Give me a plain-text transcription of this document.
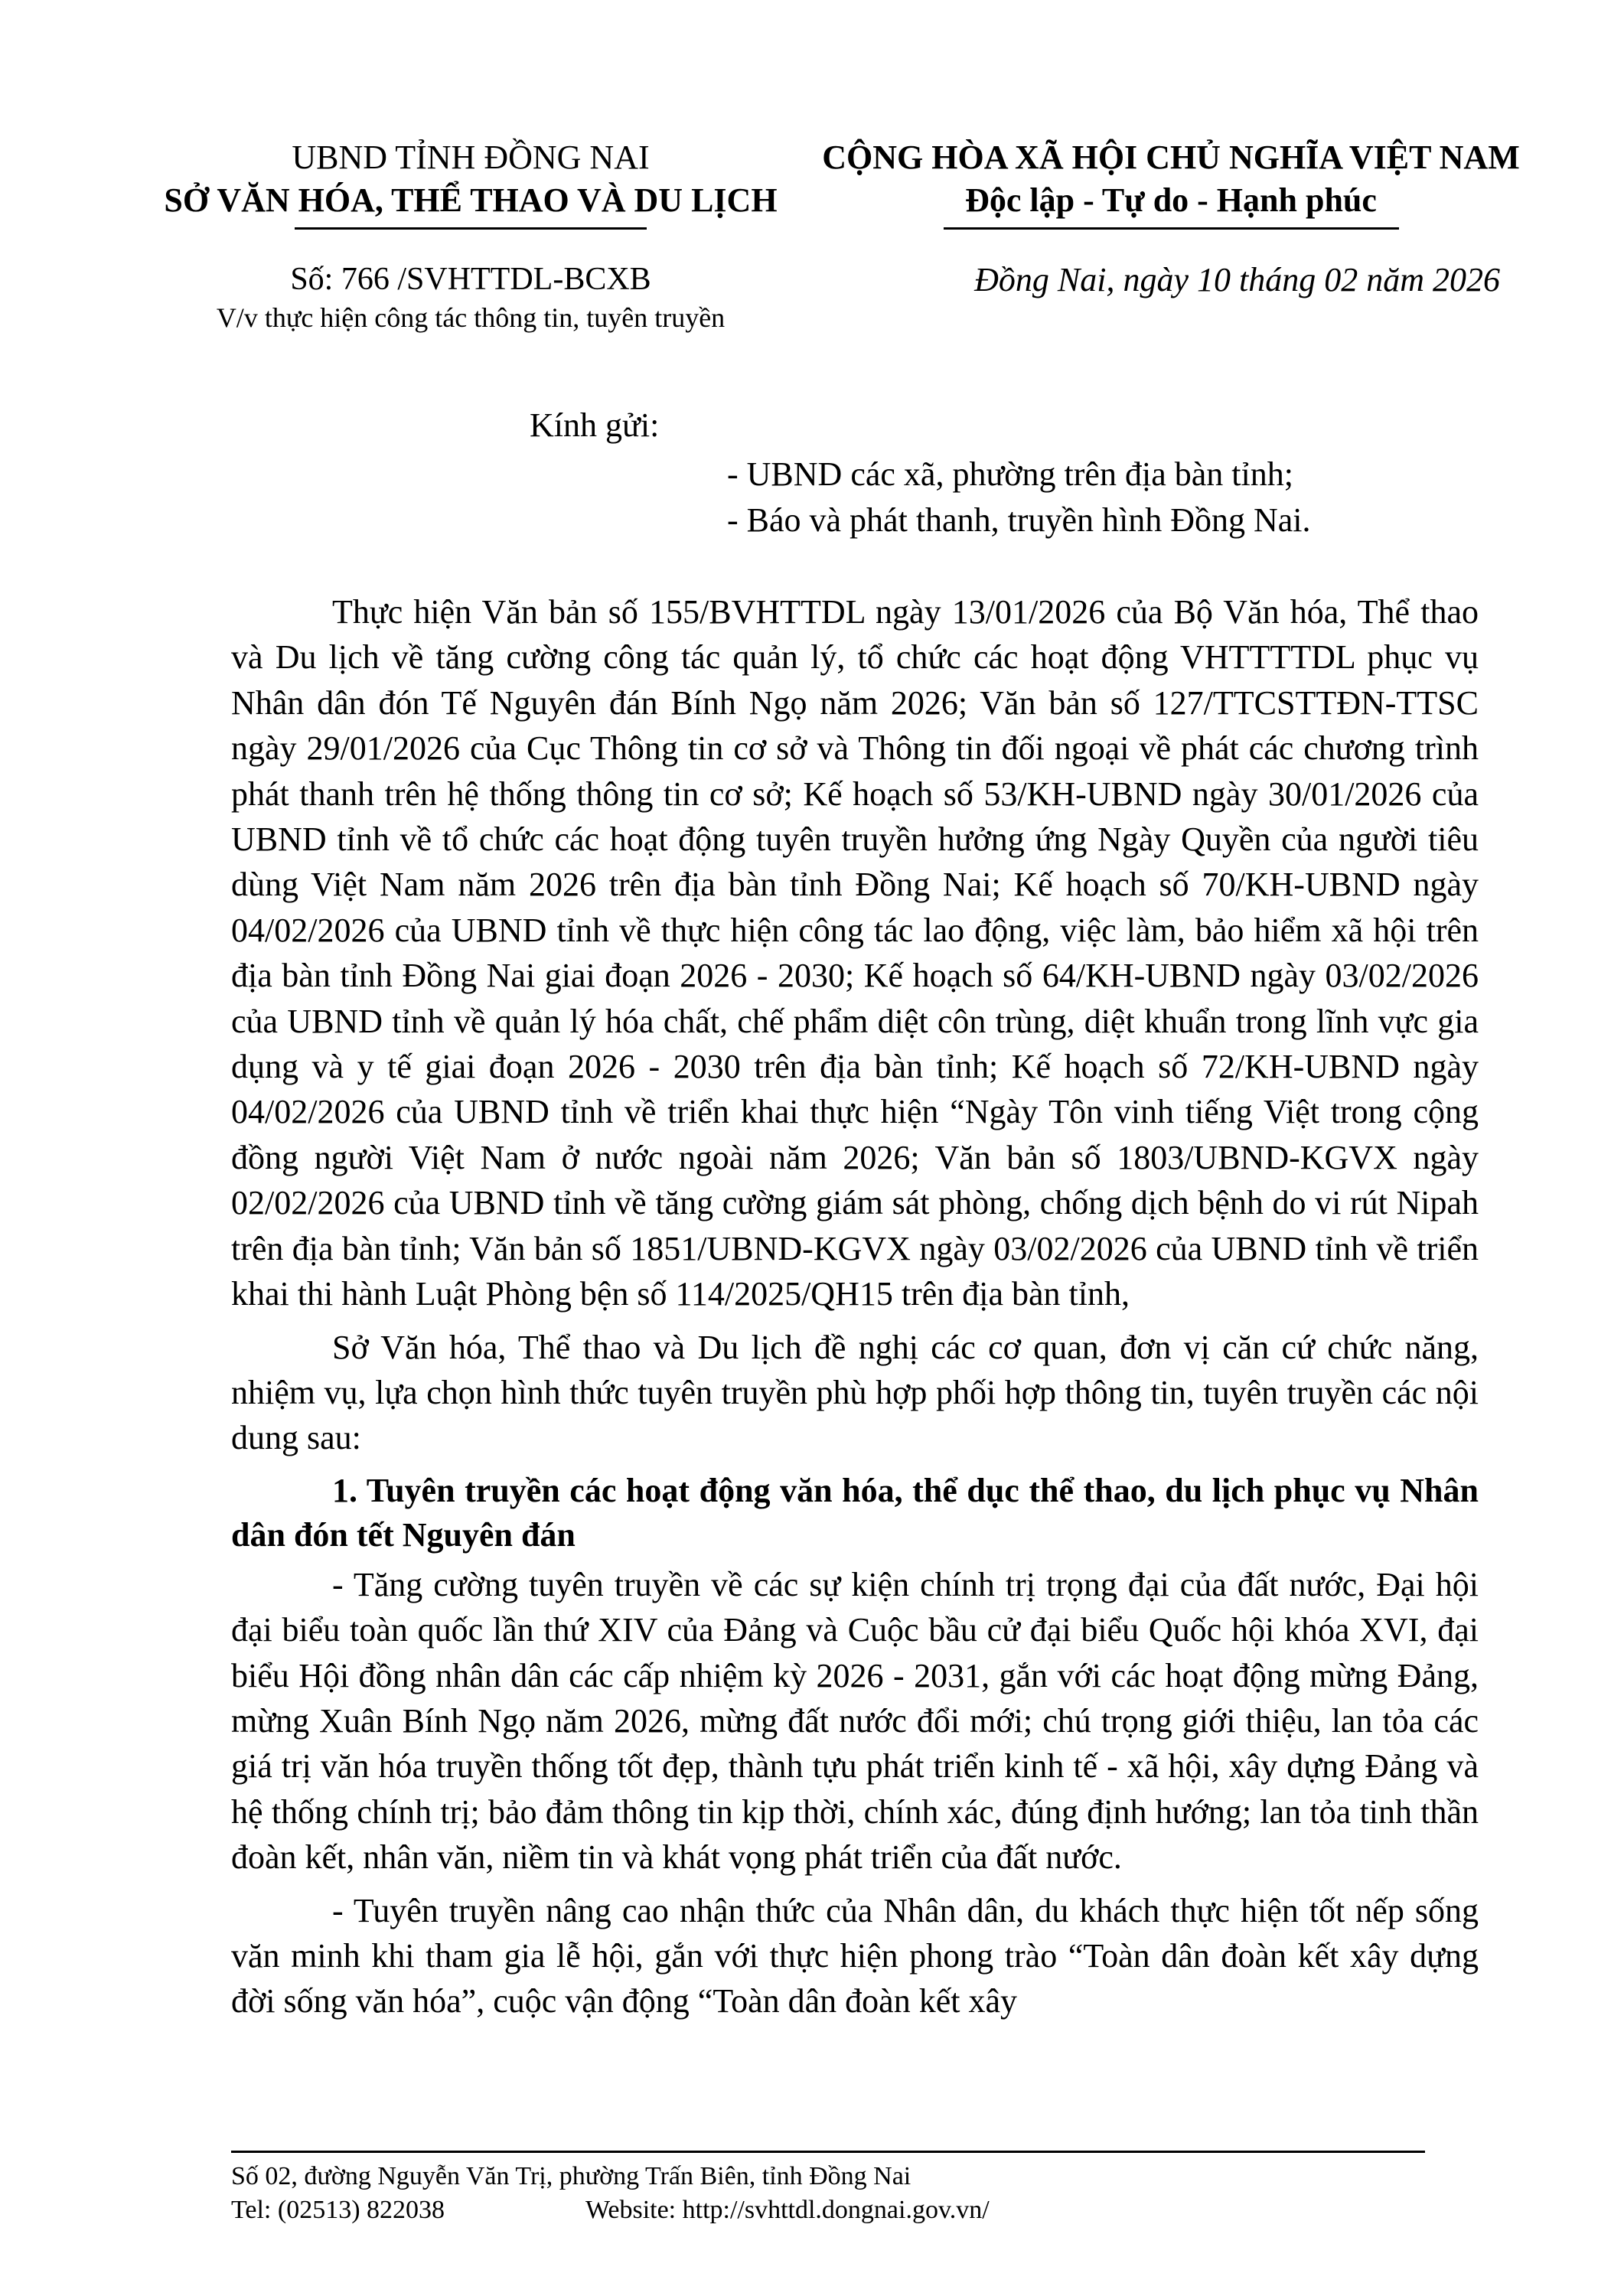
UBND TỈNH ĐỒNG NAI
SỞ VĂN HÓA, THỂ THAO VÀ DU LỊCH
CỘNG HÒA XÃ HỘI CHỦ NGHĨA VIỆT NAM
Độc lập - Tự do - Hạnh phúc
Số: 766 /SVHTTDL-BCXB
V/v thực hiện công tác thông tin, tuyên truyền
Đồng Nai, ngày 10 tháng 02 năm 2026
Kính gửi:
- UBND các xã, phường trên địa bàn tỉnh;
- Báo và phát thanh, truyền hình Đồng Nai.

Thực hiện Văn bản số 155/BVHTTDL ngày 13/01/2026 của Bộ Văn hóa, Thể thao và Du lịch về tăng cường công tác quản lý, tổ chức các hoạt động VHTTTTDL phục vụ Nhân dân đón Tế Nguyên đán Bính Ngọ năm 2026; Văn bản số 127/TTCSTTĐN-TTSC ngày 29/01/2026 của Cục Thông tin cơ sở và Thông tin đối ngoại về phát các chương trình phát thanh trên hệ thống thông tin cơ sở; Kế hoạch số 53/KH-UBND ngày 30/01/2026 của UBND tỉnh về tổ chức các hoạt động tuyên truyền hưởng ứng Ngày Quyền của người tiêu dùng Việt Nam năm 2026 trên địa bàn tỉnh Đồng Nai; Kế hoạch số 70/KH-UBND ngày 04/02/2026 của UBND tỉnh về thực hiện công tác lao động, việc làm, bảo hiểm xã hội trên địa bàn tỉnh Đồng Nai giai đoạn 2026 - 2030; Kế hoạch số 64/KH-UBND ngày 03/02/2026 của UBND tỉnh về quản lý hóa chất, chế phẩm diệt côn trùng, diệt khuẩn trong lĩnh vực gia dụng và y tế giai đoạn 2026 - 2030 trên địa bàn tỉnh; Kế hoạch số 72/KH-UBND ngày 04/02/2026 của UBND tỉnh về triển khai thực hiện “Ngày Tôn vinh tiếng Việt trong cộng đồng người Việt Nam ở nước ngoài năm 2026; Văn bản số 1803/UBND-KGVX ngày 02/02/2026 của UBND tỉnh về tăng cường giám sát phòng, chống dịch bệnh do vi rút Nipah trên địa bàn tỉnh; Văn bản số 1851/UBND-KGVX ngày 03/02/2026 của UBND tỉnh về triển khai thi hành Luật Phòng bện số 114/2025/QH15 trên địa bàn tỉnh,

Sở Văn hóa, Thể thao và Du lịch đề nghị các cơ quan, đơn vị căn cứ chức năng, nhiệm vụ, lựa chọn hình thức tuyên truyền phù hợp phối hợp thông tin, tuyên truyền các nội dung sau:

1. Tuyên truyền các hoạt động văn hóa, thể dục thể thao, du lịch phục vụ Nhân dân đón tết Nguyên đán

- Tăng cường tuyên truyền về các sự kiện chính trị trọng đại của đất nước, Đại hội đại biểu toàn quốc lần thứ XIV của Đảng và Cuộc bầu cử đại biểu Quốc hội khóa XVI, đại biểu Hội đồng nhân dân các cấp nhiệm kỳ 2026 - 2031, gắn với các hoạt động mừng Đảng, mừng Xuân Bính Ngọ năm 2026, mừng đất nước đổi mới; chú trọng giới thiệu, lan tỏa các giá trị văn hóa truyền thống tốt đẹp, thành tựu phát triển kinh tế - xã hội, xây dựng Đảng và hệ thống chính trị; bảo đảm thông tin kịp thời, chính xác, đúng định hướng; lan tỏa tinh thần đoàn kết, nhân văn, niềm tin và khát vọng phát triển của đất nước.

- Tuyên truyền nâng cao nhận thức của Nhân dân, du khách thực hiện tốt nếp sống văn minh khi tham gia lễ hội, gắn với thực hiện phong trào “Toàn dân đoàn kết xây dựng đời sống văn hóa”, cuộc vận động “Toàn dân đoàn kết xây

Số 02, đường Nguyễn Văn Trị, phường Trấn Biên, tỉnh Đồng Nai
Tel: (02513) 822038	Website: http://svhttdl.dongnai.gov.vn/
